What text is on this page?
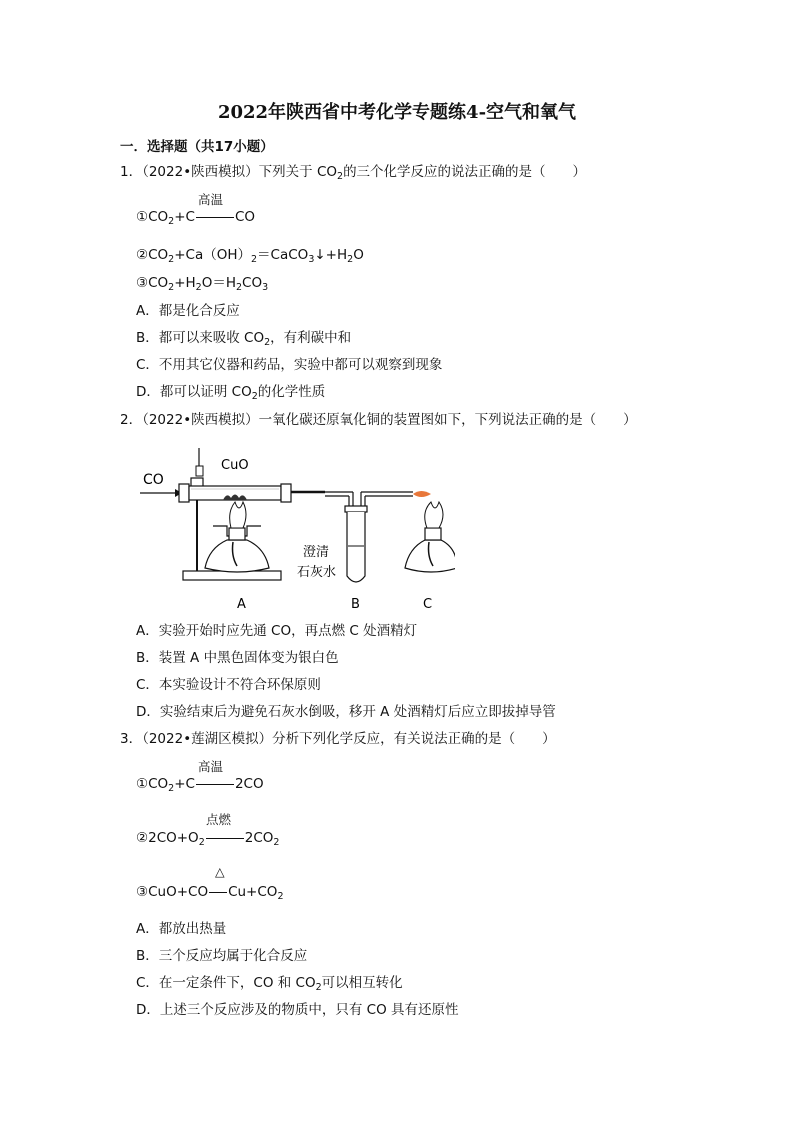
2022年陕西省中考化学专题练4-空气和氧气
一．选择题（共17小题）
1．（2022•陕西模拟）下列关于 $CO_2$的三个化学反应的说法正确的是（　　）
高温
$①CO_2+C$	CO
$②CO_2+Ca(OH)_2=CaCO_3↓+H_2O$
$③CO_2+H_2O=H_2CO_3$
A．都是化合反应
B．都可以来吸收 $CO_2$，有利碳中和
C．不用其它仪器和药品，实验中都可以观察到现象
D．都可以证明 $CO_2$的化学性质
2．（2022•陕西模拟）一氧化碳还原氧化铜的装置图如下，下列说法正确的是（　　）
CO
CuO
澄清
石灰水
A	B	C
A．实验开始时应先通 CO，再点燃 C 处酒精灯
B．装置 A 中黑色固体变为银白色
C．本实验设计不符合环保原则
D．实验结束后为避免石灰水倒吸，移开 A 处酒精灯后应立即拔掉导管
3．（2022•莲湖区模拟）分析下列化学反应，有关说法正确的是（　　）
高温
$①CO_2+C$	2CO
点燃
$②2CO+O_2$	$2CO_2$
△
③CuO+CO $Cu+CO_2$
A．都放出热量
B．三个反应均属于化合反应
C．在一定条件下，CO 和 $CO_2$可以相互转化
D．上述三个反应涉及的物质中，只有 CO 具有还原性
